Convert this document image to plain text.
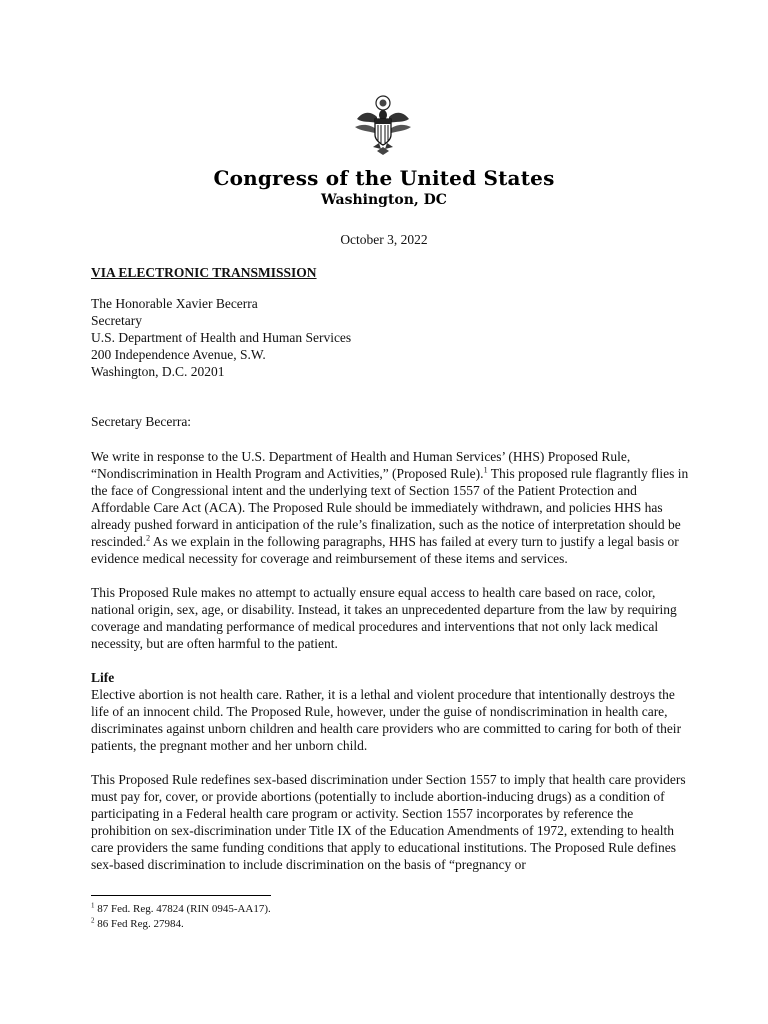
Congress of the United States
Washington, DC
October 3, 2022
VIA ELECTRONIC TRANSMISSION
The Honorable Xavier Becerra
Secretary
U.S. Department of Health and Human Services
200 Independence Avenue, S.W.
Washington, D.C. 20201
Secretary Becerra:

We write in response to the U.S. Department of Health and Human Services’ (HHS) Proposed Rule, “Nondiscrimination in Health Program and Activities,” (Proposed Rule).$^1$ This proposed rule flagrantly flies in the face of Congressional intent and the underlying text of Section 1557 of the Patient Protection and Affordable Care Act (ACA). The Proposed Rule should be immediately withdrawn, and policies HHS has already pushed forward in anticipation of the rule’s finalization, such as the notice of interpretation should be rescinded.$^2$ As we explain in the following paragraphs, HHS has failed at every turn to justify a legal basis or evidence medical necessity for coverage and reimbursement of these items and services.

This Proposed Rule makes no attempt to actually ensure equal access to health care based on race, color, national origin, sex, age, or disability. Instead, it takes an unprecedented departure from the law by requiring coverage and mandating performance of medical procedures and interventions that not only lack medical necessity, but are often harmful to the patient.

Life

Elective abortion is not health care. Rather, it is a lethal and violent procedure that intentionally destroys the life of an innocent child. The Proposed Rule, however, under the guise of nondiscrimination in health care, discriminates against unborn children and health care providers who are committed to caring for both of their patients, the pregnant mother and her unborn child.

This Proposed Rule redefines sex-based discrimination under Section 1557 to imply that health care providers must pay for, cover, or provide abortions (potentially to include abortion-inducing drugs) as a condition of participating in a Federal health care program or activity. Section 1557 incorporates by reference the prohibition on sex-discrimination under Title IX of the Education Amendments of 1972, extending to health care providers the same funding conditions that apply to educational institutions. The Proposed Rule defines sex-based discrimination to include discrimination on the basis of “pregnancy or

$^1$ 87 Fed. Reg. 47824 (RIN 0945-AA17).
$^2$ 86 Fed Reg. 27984.
